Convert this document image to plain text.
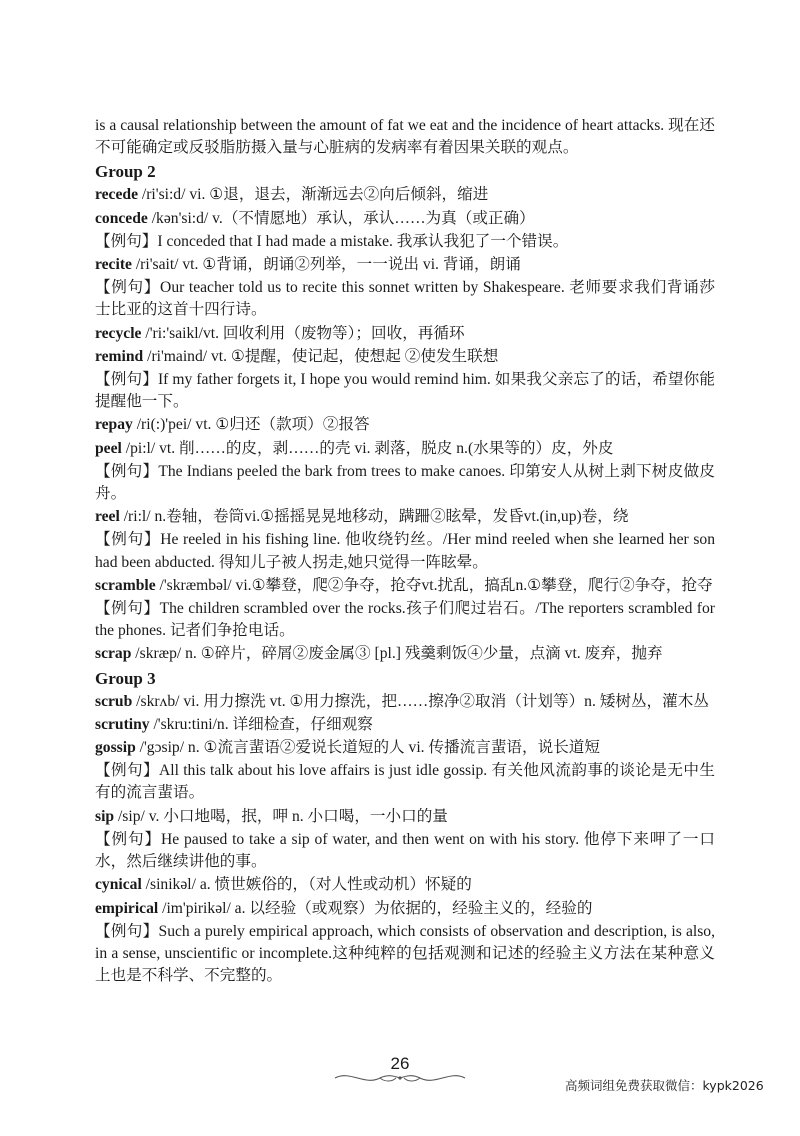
is a causal relationship between the amount of fat we eat and the incidence of heart attacks. 现在还不可能确定或反驳脂肪摄入量与心脏病的发病率有着因果关联的观点。

Group 2

recede /ri'si:d/ vi. ①退，退去，渐渐远去②向后倾斜，缩进

concede /kən'si:d/ v.（不情愿地）承认，承认……为真（或正确）

【例句】I conceded that I had made a mistake. 我承认我犯了一个错误。

recite /ri'sait/ vt. ①背诵，朗诵②列举，一一说出 vi. 背诵，朗诵

【例句】Our teacher told us to recite this sonnet written by Shakespeare. 老师要求我们背诵莎士比亚的这首十四行诗。

recycle /'ri:'saikl/vt. 回收利用（废物等）；回收，再循环

remind /ri'maind/ vt. ①提醒，使记起，使想起 ②使发生联想

【例句】If my father forgets it, I hope you would remind him. 如果我父亲忘了的话，希望你能提醒他一下。

repay /ri(:)'pei/ vt. ①归还（款项）②报答

peel /pi:l/ vt. 削……的皮，剥……的壳 vi. 剥落，脱皮 n.(水果等的）皮，外皮

【例句】The Indians peeled the bark from trees to make canoes. 印第安人从树上剥下树皮做皮舟。

reel /ri:l/ n.卷轴，卷筒vi.①摇摇晃晃地移动，蹒跚②眩晕，发昏vt.(in,up)卷，绕

【例句】He reeled in his fishing line. 他收绕钓丝。/Her mind reeled when she learned her son had been abducted. 得知儿子被人拐走,她只觉得一阵眩晕。

scramble /'skræmbəl/ vi.①攀登，爬②争夺，抢夺vt.扰乱，搞乱n.①攀登，爬行②争夺，抢夺

【例句】The children scrambled over the rocks.孩子们爬过岩石。/The reporters scrambled for the phones. 记者们争抢电话。

scrap /skræp/ n. ①碎片，碎屑②废金属③ [pl.] 残羹剩饭④少量，点滴 vt. 废弃，抛弃

Group 3

scrub /skrʌb/ vi. 用力擦洗 vt. ①用力擦洗，把……擦净②取消（计划等）n. 矮树丛，灌木丛

scrutiny /'skru:tini/n. 详细检查，仔细观察

gossip /'gɔsip/ n. ①流言蜚语②爱说长道短的人 vi. 传播流言蜚语，说长道短

【例句】All this talk about his love affairs is just idle gossip. 有关他风流韵事的谈论是无中生有的流言蜚语。

sip /sip/ v. 小口地喝，抿，呷 n. 小口喝，一小口的量

【例句】He paused to take a sip of water, and then went on with his story. 他停下来呷了一口水，然后继续讲他的事。

cynical /sinikəl/ a. 愤世嫉俗的，（对人性或动机）怀疑的

empirical /im'pirikəl/ a. 以经验（或观察）为依据的，经验主义的，经验的

【例句】Such a purely empirical approach, which consists of observation and description, is also, in a sense, unscientific or incomplete.这种纯粹的包括观测和记述的经验主义方法在某种意义上也是不科学、不完整的。

26
高频词组免费获取微信：kypk2026
